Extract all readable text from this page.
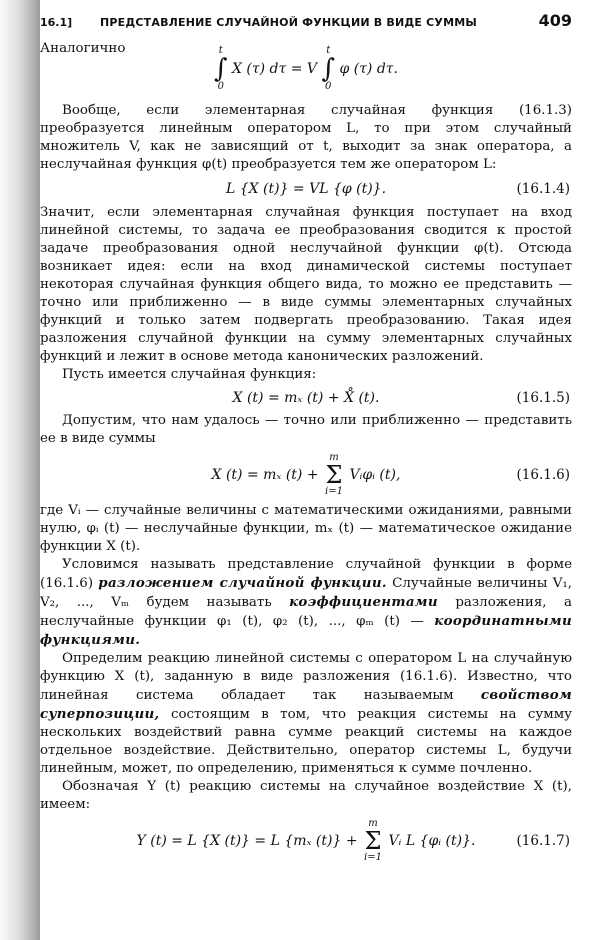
16.1]	ПРЕДСТАВЛЕНИЕ СЛУЧАЙНОЙ ФУНКЦИИ В ВИДЕ СУММЫ	409

Аналогично	t
∫
0
X (τ) dτ = V
t
∫
0
φ (τ) dτ.

Вообще, если элементарная случайная функция (16.1.3) преобразуется линейным оператором L, то при этом случайный множитель V, как не зависящий от t, выходит за знак оператора, а неслучайная функция φ(t) преобразуется тем же оператором L:

L {X (t)} = VL {φ (t)}.	(16.1.4)

Значит, если элементарная случайная функция поступает на вход линейной системы, то задача ее преобразования сводится к простой задаче преобразования одной неслучайной функции φ(t). Отсюда возникает идея: если на вход динамической системы поступает некоторая случайная функция общего вида, то можно ее представить — точно или приближенно — в виде суммы элементарных случайных функций и только затем подвергать преобразованию. Такая идея разложения случайной функции на сумму элементарных случайных функций и лежит в основе метода канонических разложений.

Пусть имеется случайная функция:

X (t) = mₓ (t) + X̊ (t).	(16.1.5)

Допустим, что нам удалось — точно или приближенно — представить ее в виде суммы

X (t) = mₓ (t) +
m
Σ
i=1
Vᵢφᵢ (t),	(16.1.6)

где Vᵢ — случайные величины с математическими ожиданиями, равными нулю, φᵢ (t) — неслучайные функции, mₓ (t) — математическое ожидание функции X (t).

Условимся называть представление случайной функции в форме (16.1.6) разложением случайной функции. Случайные величины V₁, V₂, ..., Vₘ будем называть коэффициентами разложения, а неслучайные функции φ₁ (t), φ₂ (t), ..., φₘ (t) — координатными функциями.

Определим реакцию линейной системы с оператором L на случайную функцию X (t), заданную в виде разложения (16.1.6). Известно, что линейная система обладает так называемым свойством суперпозиции, состоящим в том, что реакция системы на сумму нескольких воздействий равна сумме реакций системы на каждое отдельное воздействие. Действительно, оператор системы L, будучи линейным, может, по определению, применяться к сумме почленно.

Обозначая Y (t) реакцию системы на случайное воздействие X (t), имеем:

Y (t) = L {X (t)} = L {mₓ (t)} +
m
Σ
i=1
Vᵢ L {φᵢ (t)}.	(16.1.7)
